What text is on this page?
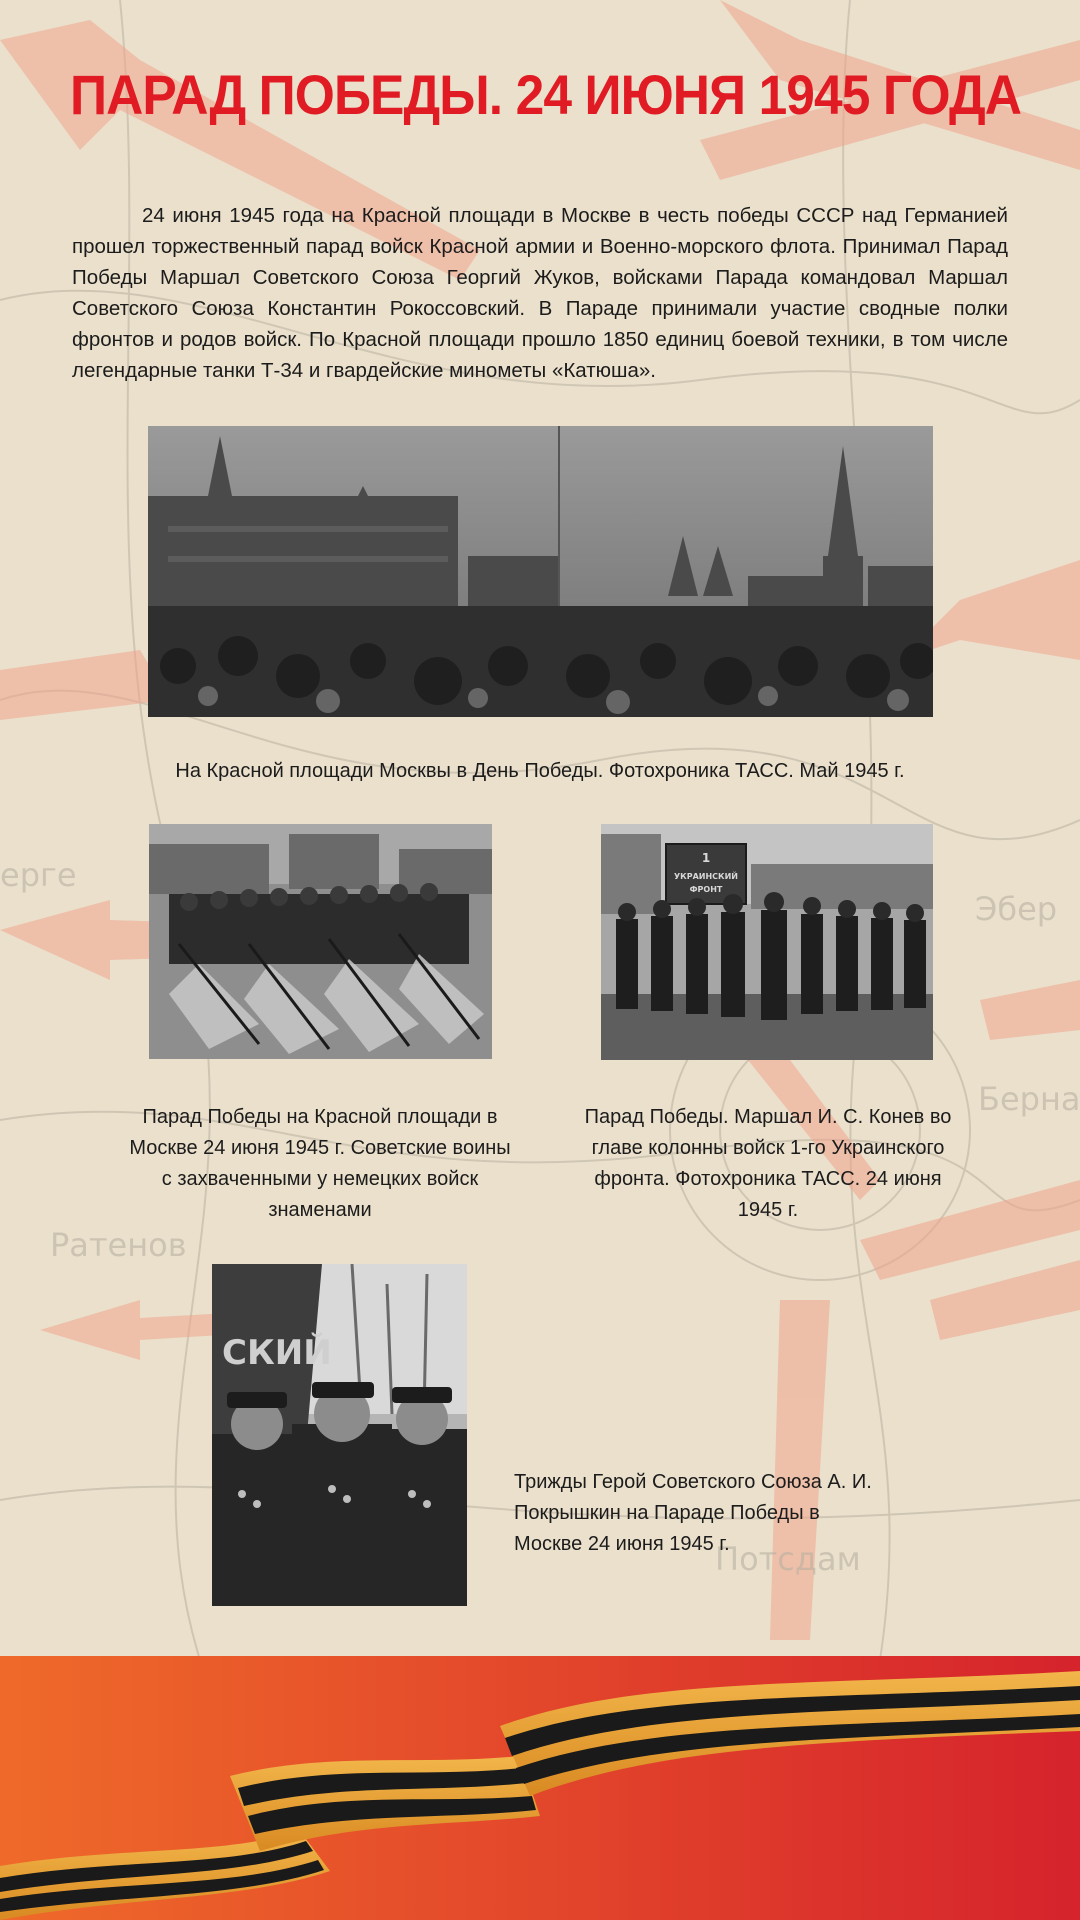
ерге
Ратенов
Эбер
Берна
Потсдам
ПАРАД ПОБЕДЫ. 24 ИЮНЯ 1945 ГОДА

24 июня 1945 года на Красной площади в Москве в честь победы СССР над Германией прошел торжественный парад войск Красной армии и Военно-морского флота. Принимал Парад Победы Маршал Советского Союза Георгий Жуков, войсками Парада командовал Маршал Советского Союза Константин Рокоссовский. В Параде принимали участие сводные полки фронтов и родов войск. По Красной площади прошло 1850 единиц боевой техники, в том числе легендарные танки Т-34 и гвардейские минометы «Катюша».

На Красной площади Москвы в День Победы. Фотохроника ТАСС. Май 1945 г.

Парад Победы на Красной площади в Москве 24 июня 1945 г. Советские воины с захваченными у немецких войск знаменами

1
УКРАИНСКИЙ
ФРОНТ

Парад Победы. Маршал И. С. Конев во главе колонны войск 1-го Украинского фронта. Фотохроника ТАСС. 24 июня 1945 г.

СКИЙ

Трижды Герой Советского Союза А. И. Покрышкин на Параде Победы в Москве 24 июня 1945 г.
